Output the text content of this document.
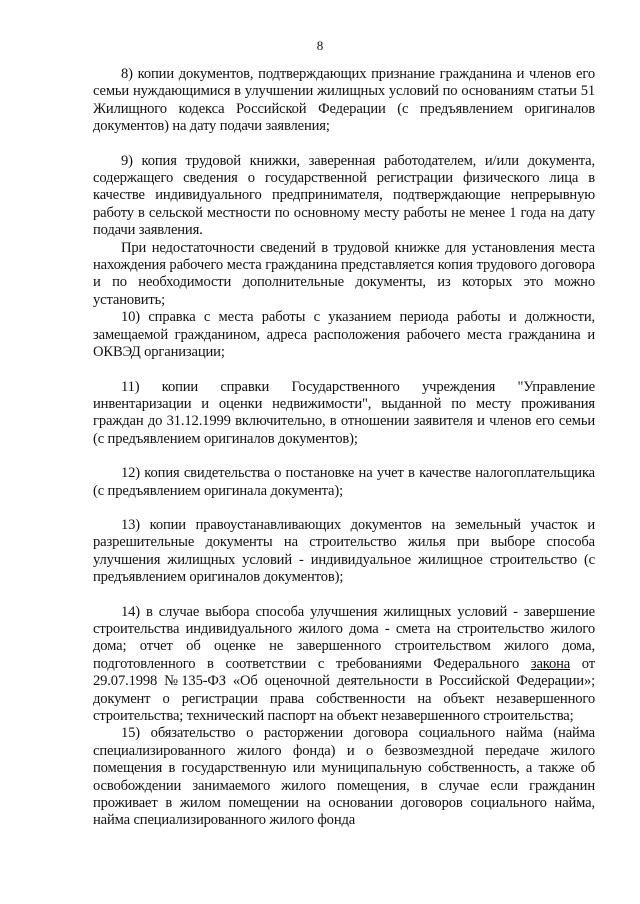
8

8) копии документов, подтверждающих признание гражданина и членов его семьи нуждающимися в улучшении жилищных условий по основаниям статьи 51 Жилищного кодекса Российской Федерации (с предъявлением оригиналов документов) на дату подачи заявления;

9) копия трудовой книжки, заверенная работодателем, и/или документа, содержащего сведения о государственной регистрации физического лица в качестве индивидуального предпринимателя, подтверждающие непрерывную работу в сельской местности по основному месту работы не менее 1 года на дату подачи заявления.

При недостаточности сведений в трудовой книжке для установления места нахождения рабочего места гражданина представляется копия трудового договора и по необходимости дополнительные документы, из которых это можно установить;

10) справка с места работы с указанием периода работы и должности, замещаемой гражданином, адреса расположения рабочего места гражданина и ОКВЭД организации;

11) копии справки Государственного учреждения "Управление инвентаризации и оценки недвижимости", выданной по месту проживания граждан до 31.12.1999 включительно, в отношении заявителя и членов его семьи (с предъявлением оригиналов документов);

12) копия свидетельства о постановке на учет в качестве налогоплательщика (с предъявлением оригинала документа);

13) копии правоустанавливающих документов на земельный участок и разрешительные документы на строительство жилья при выборе способа улучшения жилищных условий - индивидуальное жилищное строительство (с предъявлением оригиналов документов);

14) в случае выбора способа улучшения жилищных условий - завершение строительства индивидуального жилого дома - смета на строительство жилого дома; отчет об оценке не завершенного строительством жилого дома, подготовленного в соответствии с требованиями Федерального закона от 29.07.1998 №135-ФЗ «Об оценочной деятельности в Российской Федерации»; документ о регистрации права собственности на объект незавершенного строительства; технический паспорт на объект незавершенного строительства;

15) обязательство о расторжении договора социального найма (найма специализированного жилого фонда) и о безвозмездной передаче жилого помещения в государственную или муниципальную собственность, а также об освобождении занимаемого жилого помещения, в случае если гражданин проживает в жилом помещении на основании договоров социального найма, найма специализированного жилого фонда
